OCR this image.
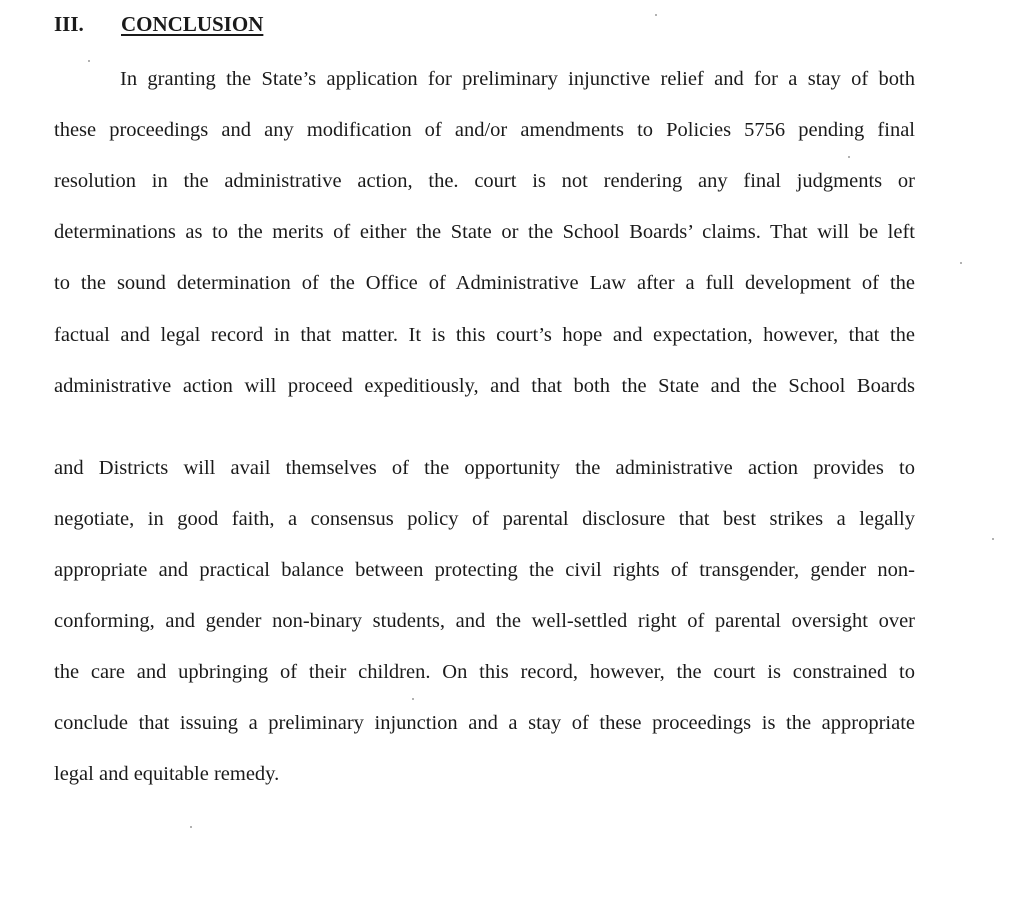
III. CONCLUSION
In granting the State’s application for preliminary injunctive relief and for a stay of both
these proceedings and any modification of and/or amendments to Policies 5756 pending final
resolution in the administrative action, the. court is not rendering any final judgments or
determinations as to the merits of either the State or the School Boards’ claims. That will be left
to the sound determination of the Office of Administrative Law after a full development of the
factual and legal record in that matter. It is this court’s hope and expectation, however, that the
administrative action will proceed expeditiously, and that both the State and the School Boards
and Districts will avail themselves of the opportunity the administrative action provides to
negotiate, in good faith, a consensus policy of parental disclosure that best strikes a legally
appropriate and practical balance between protecting the civil rights of transgender, gender non-
conforming, and gender non-binary students, and the well-settled right of parental oversight over
the care and upbringing of their children. On this record, however, the court is constrained to
conclude that issuing a preliminary injunction and a stay of these proceedings is the appropriate
legal and equitable remedy.
